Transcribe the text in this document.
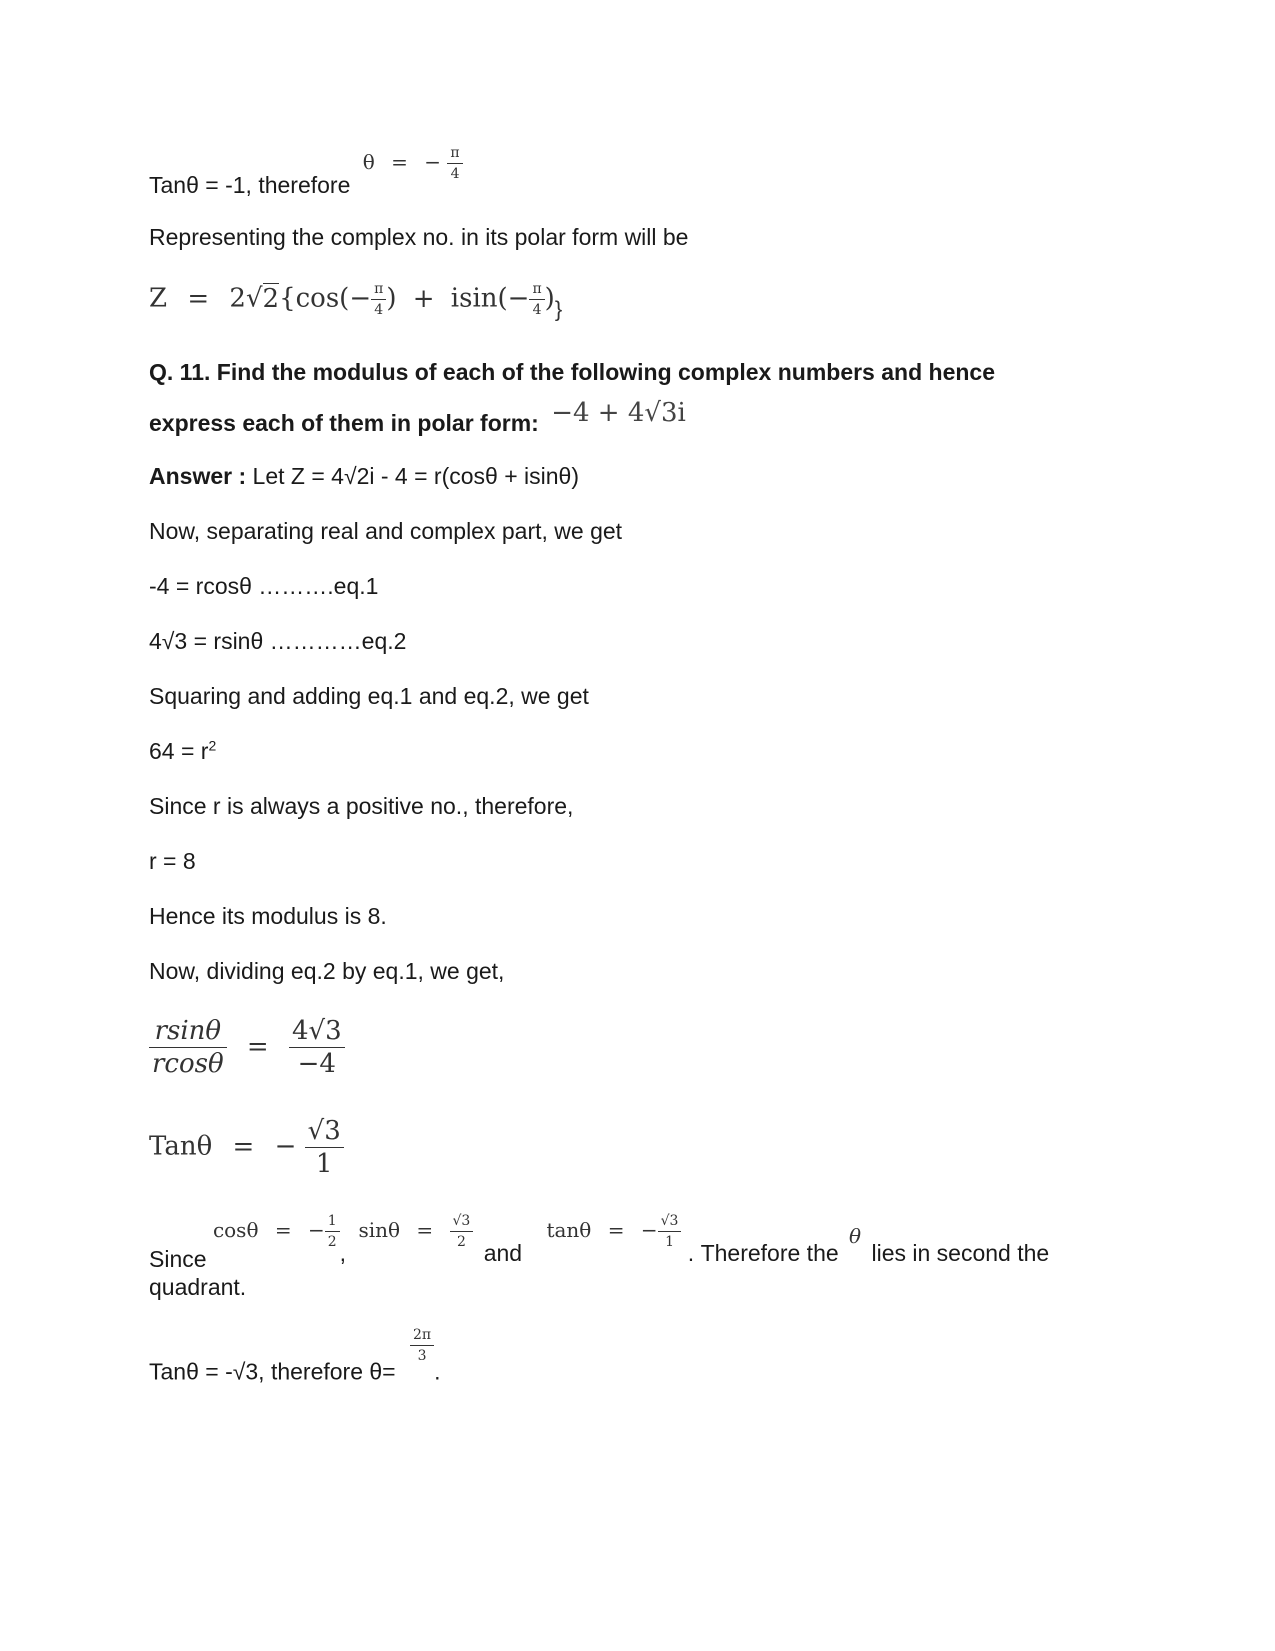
Tanθ = -1, therefore θ = − $\frac{\pi}{4}$
Representing the complex no. in its polar form will be
$Z = 2√2\{\cos(- \frac{\pi}{4}$ ) + $isin(- \frac{\pi}{4} )_{\}}$
Q. 11. Find the modulus of each of the following complex numbers and hence
express each of them in polar form: −4 + 4√3i
Answer : Let Z = 4√2i - 4 = r(cosθ + isinθ)
Now, separating real and complex part, we get
-4 = rcosθ ……….eq.1
4√3 = rsinθ …………eq.2
Squaring and adding eq.1 and eq.2, we get
$64 = r^2$
Since r is always a positive no., therefore,
r = 8
Hence its modulus is 8.
Now, dividing eq.2 by eq.1, we get,
$\frac{rsin\theta}{rcos\theta} = \frac{4√3}{-4}$
Tanθ = − $\frac{√3}{1}$
Since cosθ = − $\frac{1}{2}$
, $\sin\theta = \frac{√3}{2}$
and tanθ = − $\frac{√3}{1}$
. Therefore the θ lies in second the
quadrant.
Tanθ = -√3, therefore θ=
$\frac{2\pi}{3}$
.
